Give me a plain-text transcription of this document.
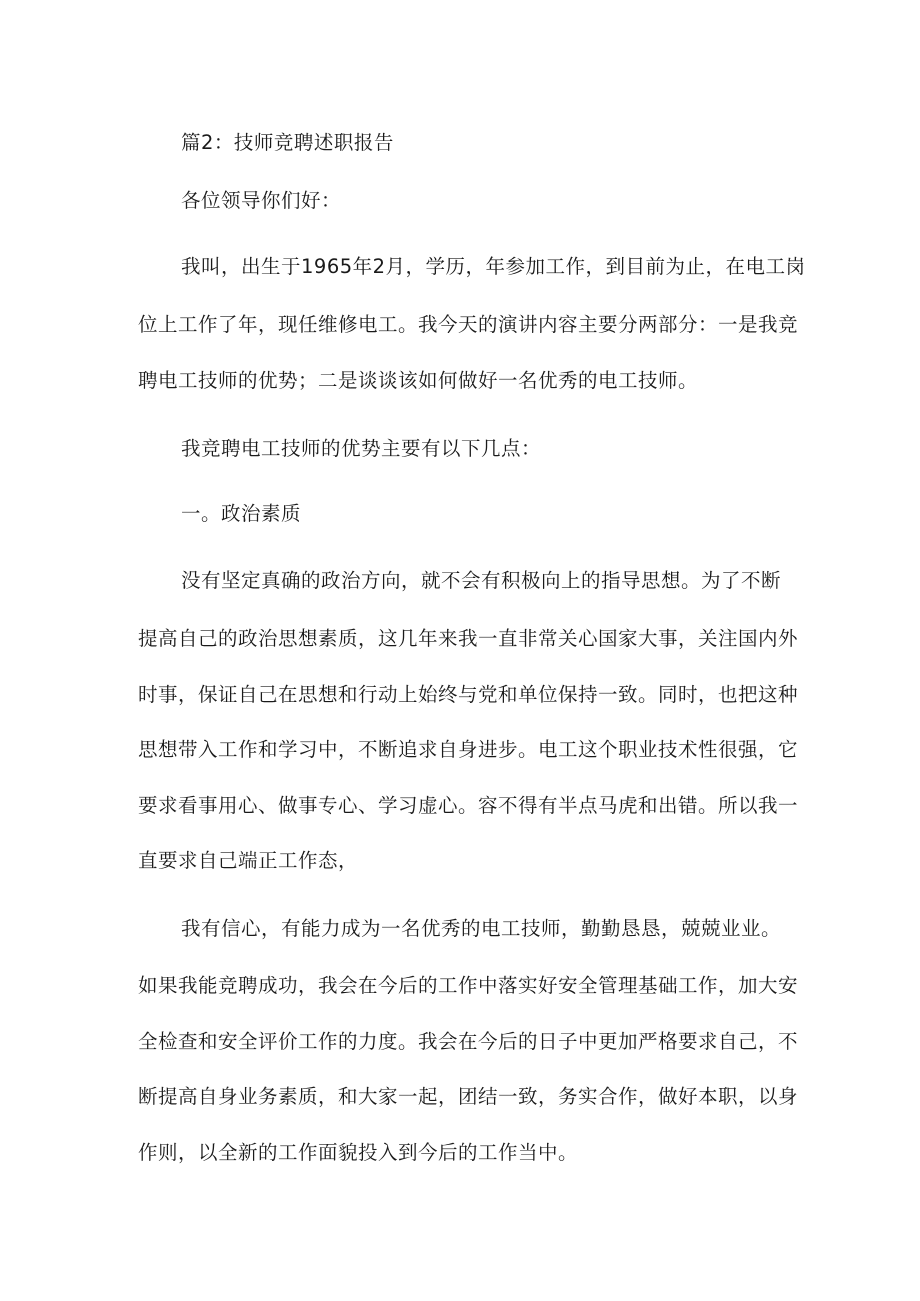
篇2：技师竞聘述职报告
各位领导你们好：
我叫，出生于1965年2月，学历，年参加工作，到目前为止，在电工岗
位上工作了年，现任维修电工。我今天的演讲内容主要分两部分：一是我竞
聘电工技师的优势；二是谈谈该如何做好一名优秀的电工技师。
我竞聘电工技师的优势主要有以下几点：
一。政治素质
没有坚定真确的政治方向，就不会有积极向上的指导思想。为了不断
提高自己的政治思想素质，这几年来我一直非常关心国家大事，关注国内外
时事，保证自己在思想和行动上始终与党和单位保持一致。同时，也把这种
思想带入工作和学习中，不断追求自身进步。电工这个职业技术性很强，它
要求看事用心、做事专心、学习虚心。容不得有半点马虎和出错。所以我一
直要求自己端正工作态，
我有信心，有能力成为一名优秀的电工技师，勤勤恳恳，兢兢业业。
如果我能竞聘成功，我会在今后的工作中落实好安全管理基础工作，加大安
全检查和安全评价工作的力度。我会在今后的日子中更加严格要求自己，不
断提高自身业务素质，和大家一起，团结一致，务实合作，做好本职，以身
作则，以全新的工作面貌投入到今后的工作当中。
